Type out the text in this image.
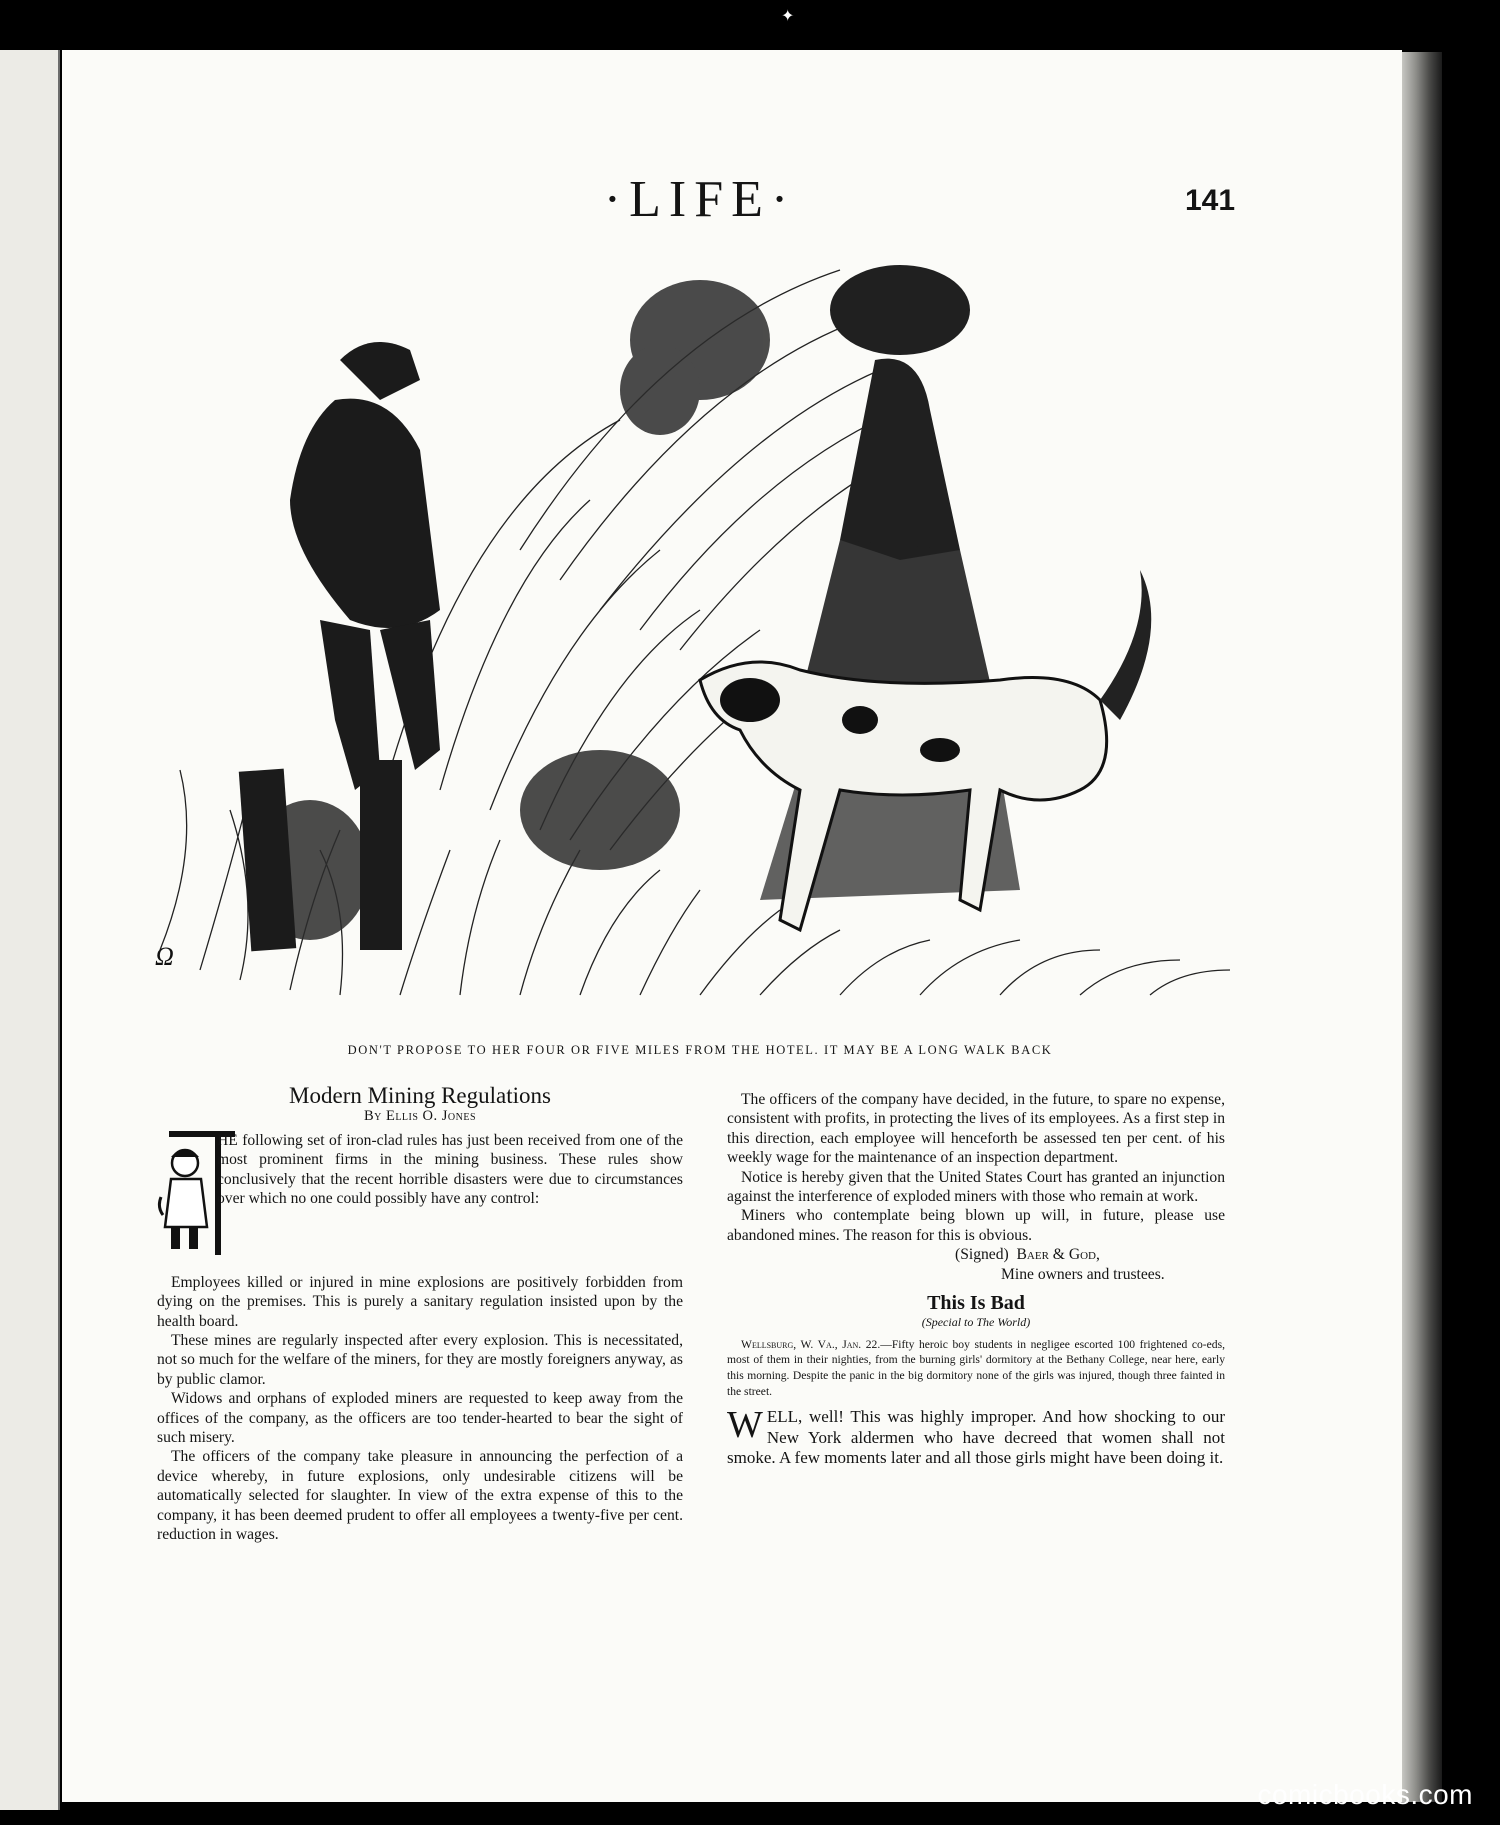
✦
·LIFE·	141
Ω
DON'T PROPOSE TO HER FOUR OR FIVE MILES FROM THE HOTEL. IT MAY BE A LONG WALK BACK
Modern Mining Regulations
By Ellis O. Jones

HE following set of iron-clad rules has just been received from one of the most prominent firms in the mining business. These rules show conclusively that the recent horrible disasters were due to circumstances over which no one could possibly have any control:

Employees killed or injured in mine explosions are positively forbidden from dying on the premises. This is purely a sanitary regulation insisted upon by the health board.

These mines are regularly inspected after every explosion. This is necessitated, not so much for the welfare of the miners, for they are mostly foreigners anyway, as by public clamor.

Widows and orphans of exploded miners are requested to keep away from the offices of the company, as the officers are too tender-hearted to bear the sight of such misery.

The officers of the company take pleasure in announcing the perfection of a device whereby, in future explosions, only undesirable citizens will be automatically selected for slaughter. In view of the extra expense of this to the company, it has been deemed prudent to offer all employees a twenty-five per cent. reduction in wages.

The officers of the company have decided, in the future, to spare no expense, consistent with profits, in protecting the lives of its employees. As a first step in this direction, each employee will henceforth be assessed ten per cent. of his weekly wage for the maintenance of an inspection department.

Notice is hereby given that the United States Court has granted an injunction against the interference of exploded miners with those who remain at work.

Miners who contemplate being blown up will, in future, please use abandoned mines. The reason for this is obvious.

(Signed) Baer & God,

Mine owners and trustees.

This Is Bad
(Special to The World)

Wellsburg, W. Va., Jan. 22.—Fifty heroic boy students in negligee escorted 100 frightened co-eds, most of them in their nighties, from the burning girls' dormitory at the Bethany College, near here, early this morning. Despite the panic in the big dormitory none of the girls was injured, though three fainted in the street.

WELL, well! This was highly improper. And how shocking to our New York aldermen who have decreed that women shall not smoke. A few moments later and all those girls might have been doing it.

comicbooks.com
